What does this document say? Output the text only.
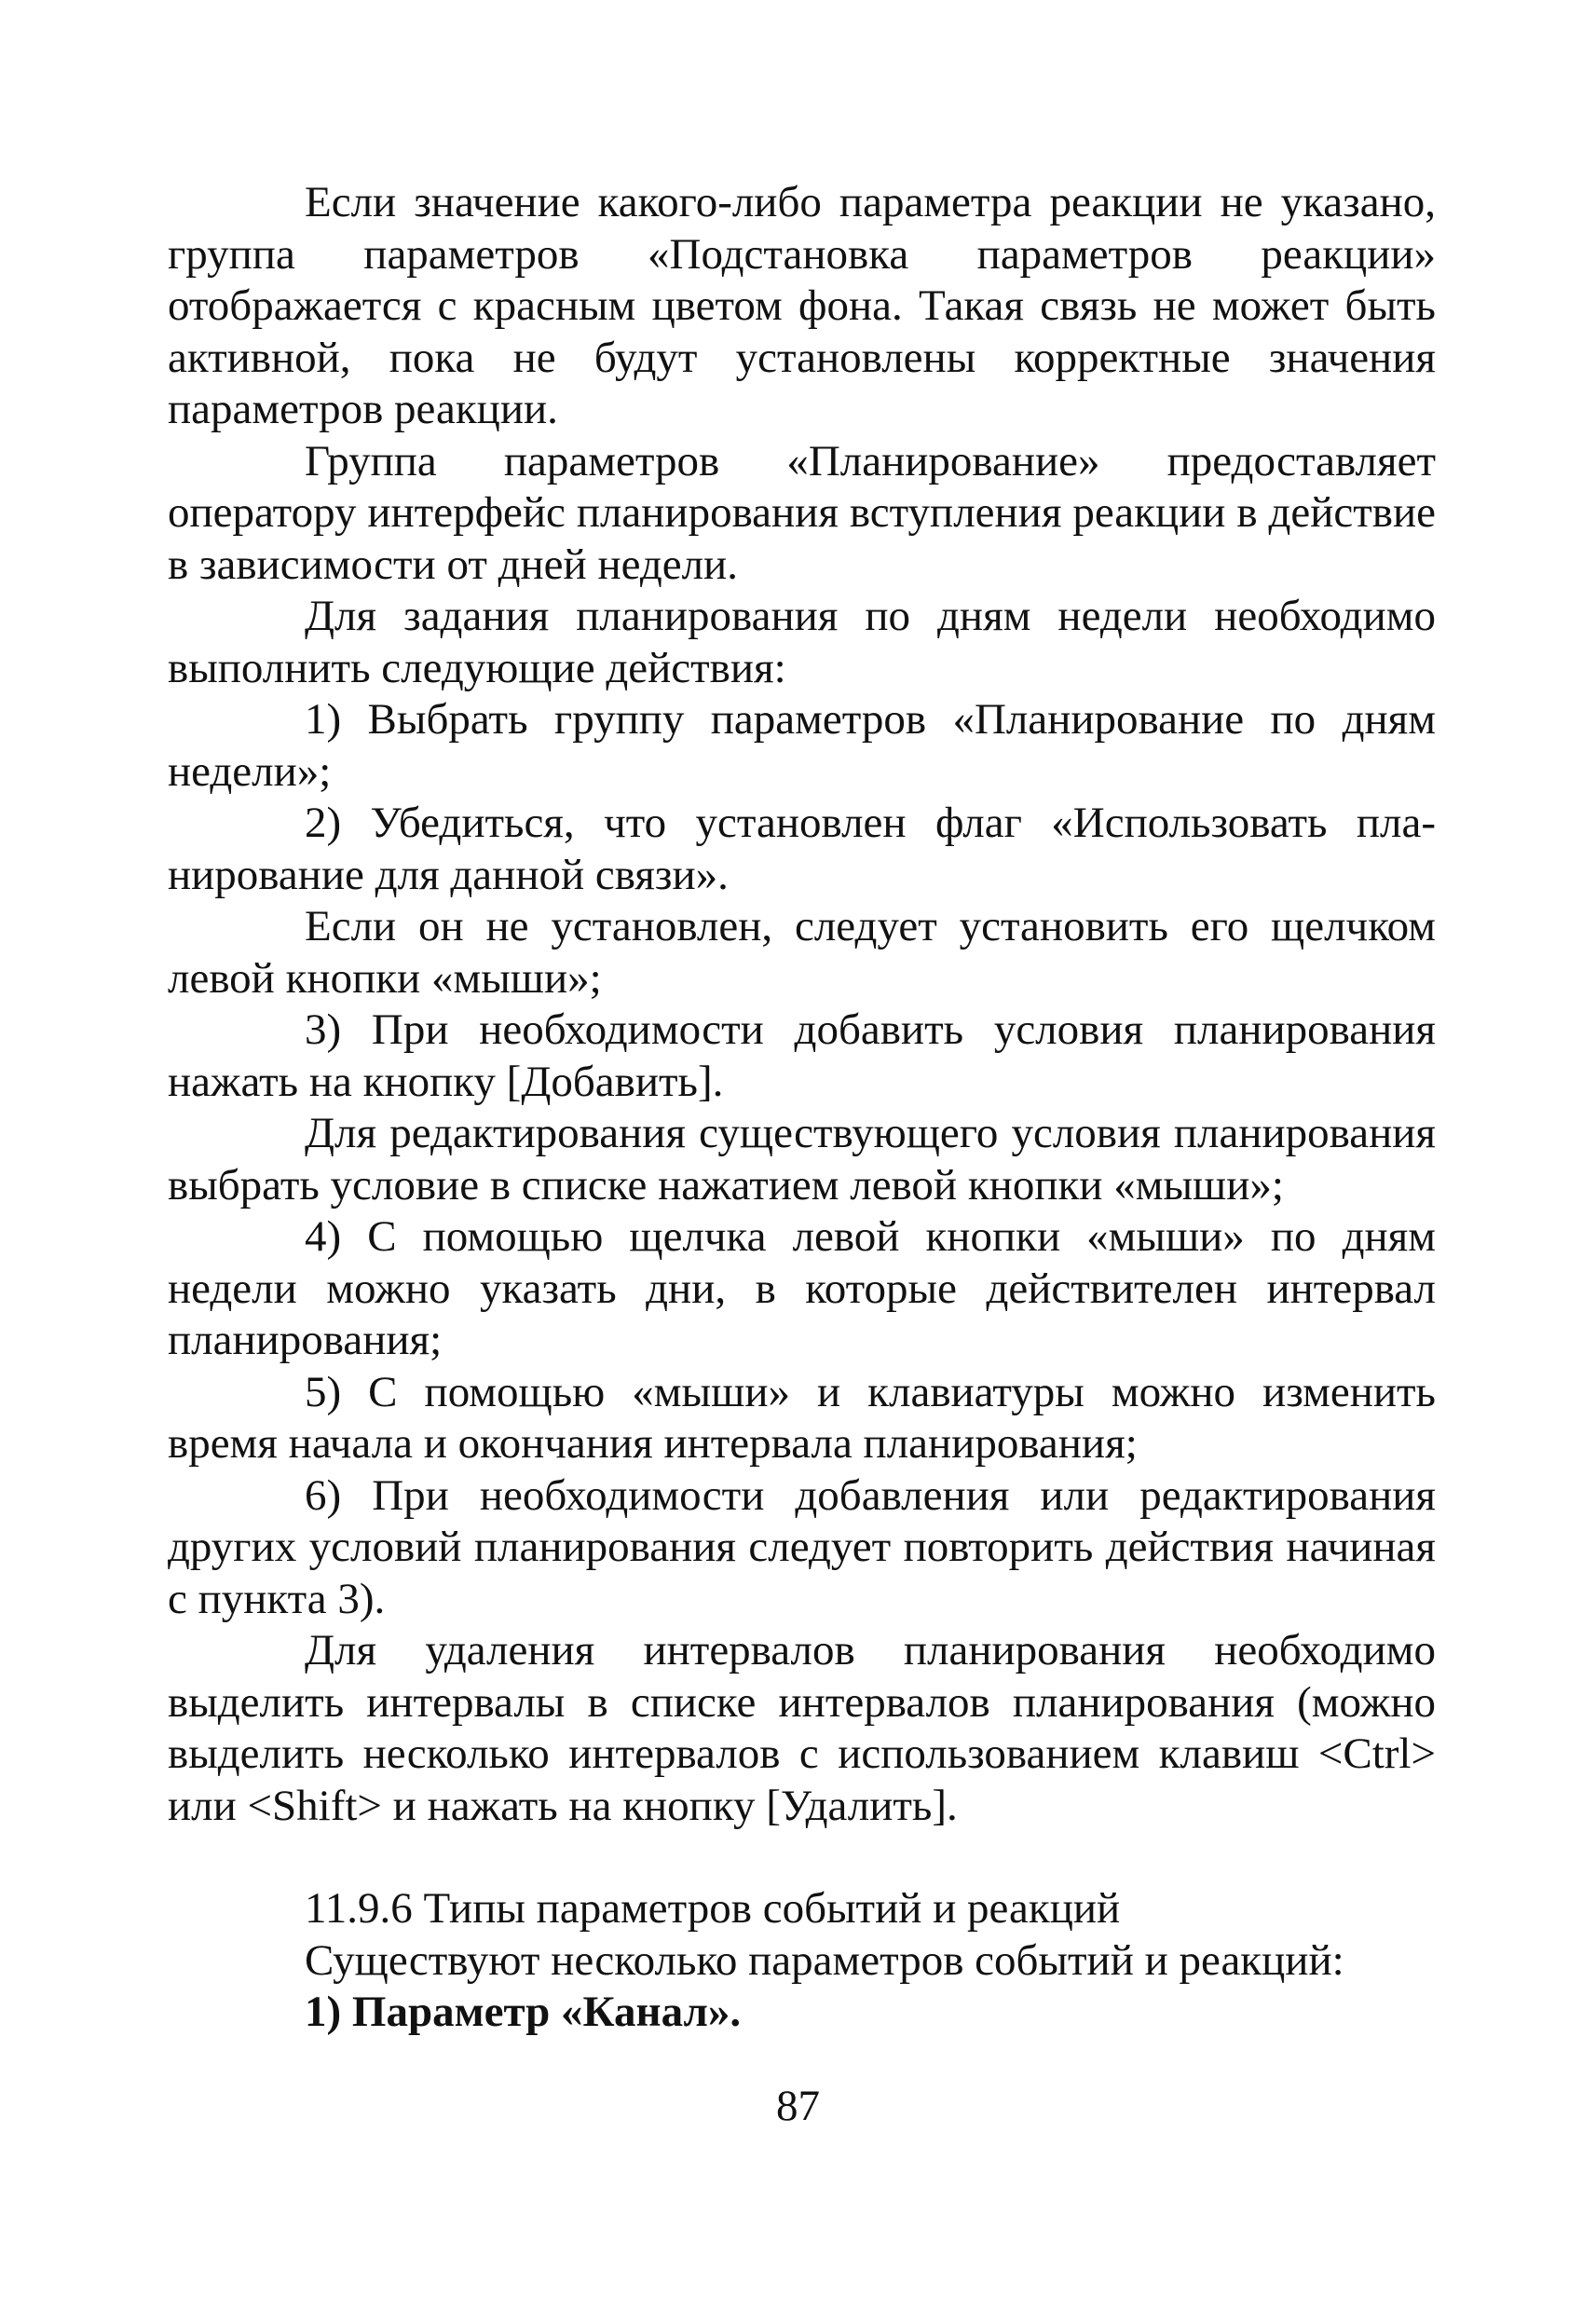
Если значение какого-либо параметра реакции не указано, группа параметров «Подстановка параметров реакции» отображается с красным цветом фона. Такая связь не может быть активной, пока не будут установлены корректные значения параметров реакции.

Группа параметров «Планирование» предоставляет оператору интерфейс планирования вступления реакции в действие в зависимости от дней недели.

Для задания планирования по дням недели необходимо выполнить следующие действия:

1) Выбрать группу параметров «Планирование по дням недели»;

2) Убедиться, что установлен флаг «Использовать планирование для данной связи».

Если он не установлен, следует установить его щелчком левой кнопки «мыши»;

3) При необходимости добавить условия планирования нажать на кнопку [Добавить].

Для редактирования существующего условия планирования выбрать условие в списке нажатием левой кнопки «мыши»;

4) С помощью щелчка левой кнопки «мыши» по дням недели можно указать дни, в которые действителен интервал планирования;

5) С помощью «мыши» и клавиатуры можно изменить время начала и окончания интервала планирования;

6) При необходимости добавления или редактирования других условий планирования следует повторить действия начиная с пункта 3).

Для удаления интервалов планирования необходимо выделить интервалы в списке интервалов планирования (можно выделить несколько интервалов с использованием клавиш <Ctrl> или <Shift> и нажать на кнопку [Удалить].

11.9.6 Типы параметров событий и реакций

Существуют несколько параметров событий и реакций:

1) Параметр «Канал».

87
